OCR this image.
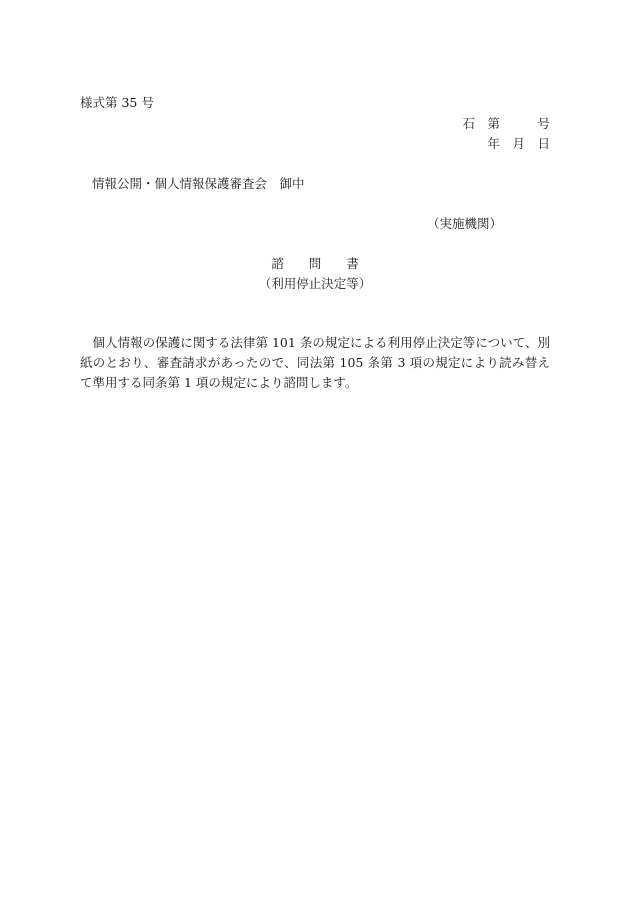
様式第 35 号
石　第　　　号
年　月　日
情報公開・個人情報保護審査会　御中
（実施機関）
諮　　問　　書
（利用停止決定等）
個人情報の保護に関する法律第 101 条の規定による利用停止決定等について、別紙のとおり、審査請求があったので、同法第 105 条第 3 項の規定により読み替えて準用する同条第 1 項の規定により諮問します。
